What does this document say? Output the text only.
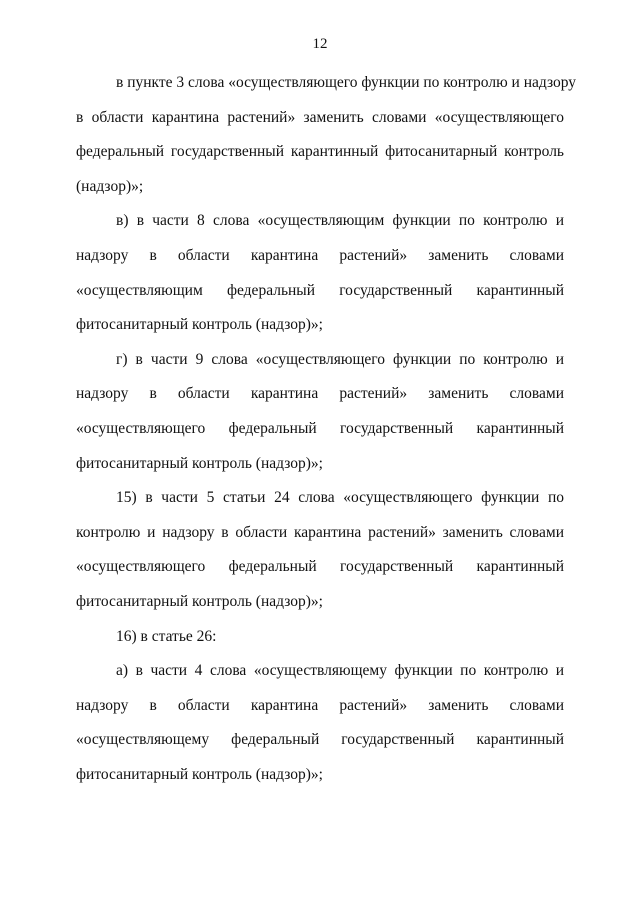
12
в пункте 3 слова «осуществляющего функции по контролю и надзору
в области карантина растений» заменить словами «осуществляющего
федеральный государственный карантинный фитосанитарный контроль
(надзор)»;
в) в части 8 слова «осуществляющим функции по контролю и
надзору в области карантина растений» заменить словами
«осуществляющим федеральный государственный карантинный
фитосанитарный контроль (надзор)»;
г) в части 9 слова «осуществляющего функции по контролю и
надзору в области карантина растений» заменить словами
«осуществляющего федеральный государственный карантинный
фитосанитарный контроль (надзор)»;
15) в части 5 статьи 24 слова «осуществляющего функции по
контролю и надзору в области карантина растений» заменить словами
«осуществляющего федеральный государственный карантинный
фитосанитарный контроль (надзор)»;
16) в статье 26:
а) в части 4 слова «осуществляющему функции по контролю и
надзору в области карантина растений» заменить словами
«осуществляющему федеральный государственный карантинный
фитосанитарный контроль (надзор)»;
